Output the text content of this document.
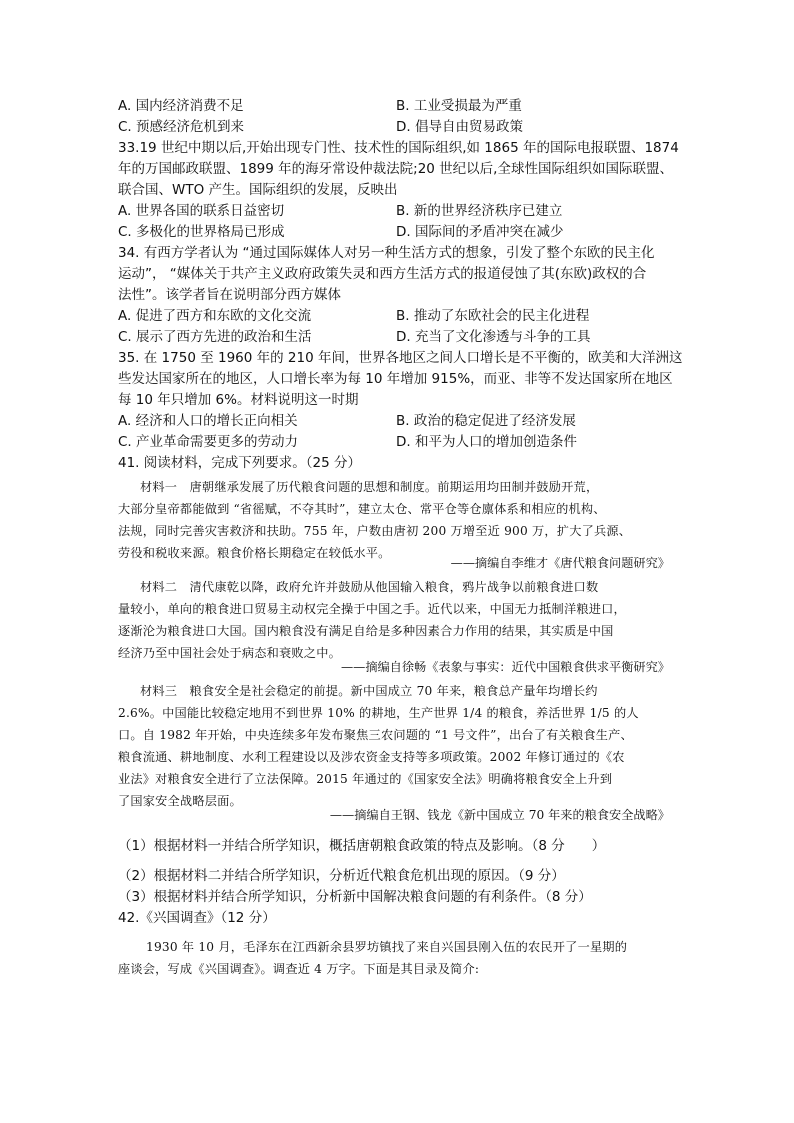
A. 国内经济消费不足	B. 工业受损最为严重
C. 预感经济危机到来	D. 倡导自由贸易政策
33.19 世纪中期以后,开始出现专门性、技术性的国际组织,如 1865 年的国际电报联盟、1874
年的万国邮政联盟、1899 年的海牙常设仲裁法院;20 世纪以后,全球性国际组织如国际联盟、
联合国、WTO 产生。国际组织的发展，反映出
A. 世界各国的联系日益密切	B. 新的世界经济秩序已建立
C. 多极化的世界格局已形成	D. 国际间的矛盾冲突在减少
34. 有西方学者认为 “通过国际媒体人对另一种生活方式的想象，引发了整个东欧的民主化
运动”， “媒体关于共产主义政府政策失灵和西方生活方式的报道侵蚀了其(东欧)政权的合
法性”。该学者旨在说明部分西方媒体
A. 促进了西方和东欧的文化交流	B. 推动了东欧社会的民主化进程
C. 展示了西方先进的政治和生活	D. 充当了文化渗透与斗争的工具
35. 在 1750 至 1960 年的 210 年间，世界各地区之间人口增长是不平衡的，欧美和大洋洲这
些发达国家所在的地区，人口增长率为每 10 年增加 915%，而亚、非等不发达国家所在地区
每 10 年只增加 6%。材料说明这一时期
A. 经济和人口的增长正向相关	B. 政治的稳定促进了经济发展
C. 产业革命需要更多的劳动力	D. 和平为人口的增加创造条件
41. 阅读材料，完成下列要求。（25 分）
材料一　唐朝继承发展了历代粮食问题的思想和制度。前期运用均田制并鼓励开荒，
大部分皇帝都能做到 “省徭赋，不夺其时”，建立太仓、常平仓等仓廪体系和相应的机构、
法规，同时完善灾害救济和扶助。755 年，户数由唐初 200 万增至近 900 万，扩大了兵源、
劳役和税收来源。粮食价格长期稳定在较低水平。
——摘编自李维才《唐代粮食问题研究》
材料二　清代康乾以降，政府允许并鼓励从他国输入粮食，鸦片战争以前粮食进口数
量较小，单向的粮食进口贸易主动权完全操于中国之手。近代以来，中国无力抵制洋粮进口，
逐渐沦为粮食进口大国。国内粮食没有满足自给是多种因素合力作用的结果，其实质是中国
经济乃至中国社会处于病态和衰败之中。
——摘编自徐畅《表象与事实：近代中国粮食供求平衡研究》
材料三　粮食安全是社会稳定的前提。新中国成立 70 年来，粮食总产量年均增长约
2.6%。中国能比较稳定地用不到世界 10% 的耕地，生产世界 1/4 的粮食，养活世界 1/5 的人
口。自 1982 年开始，中央连续多年发布聚焦三农问题的 “1 号文件”，出台了有关粮食生产、
粮食流通、耕地制度、水利工程建设以及涉农资金支持等多项政策。2002 年修订通过的《农
业法》对粮食安全进行了立法保障。2015 年通过的《国家安全法》明确将粮食安全上升到
了国家安全战略层面。
——摘编自王钢、钱龙《新中国成立 70 年来的粮食安全战略》
（1）根据材料一并结合所学知识，概括唐朝粮食政策的特点及影响。（8 分　　）
（2）根据材料二并结合所学知识，分析近代粮食危机出现的原因。（9 分）
（3）根据材料并结合所学知识，分析新中国解决粮食问题的有利条件。（8 分）
42.《兴国调查》（12 分）
1930 年 10 月，毛泽东在江西新余县罗坊镇找了来自兴国县刚入伍的农民开了一星期的
座谈会，写成《兴国调查》。调查近 4 万字。下面是其目录及简介:
